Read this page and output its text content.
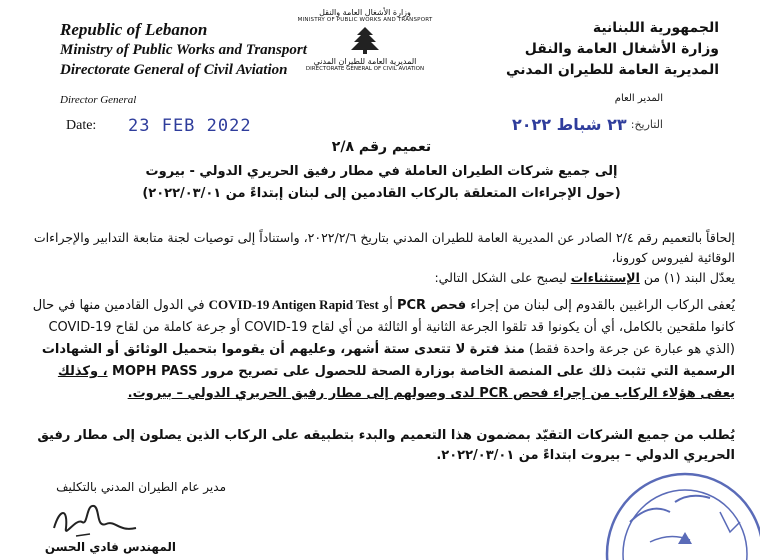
Republic of Lebanon
Ministry of Public Works and Transport
Directorate General of Civil Aviation
الجمهورية اللبنانية
وزارة الأشغال العامة والنقل
المديرية العامة للطيران المدني
وزارة الأشغال العامة والنقل
MINISTRY OF PUBLIC WORKS AND TRANSPORT
المديرية العامة للطيران المدني
DIRECTORATE GENERAL OF CIVIL AVIATION
Director General	المدير العام
Date: 23 FEB 2022	التاريخ:
٢٣ شباط ٢٠٢٢
تعميم رقم ٢/٨
إلى جميع شركات الطيران العاملة في مطار رفيق الحريري الدولي - بيروت
(حول الإجراءات المتعلقة بالركاب القادمين إلى لبنان إبتداءً من ٢٠٢٢/٠٣/٠١)
إلحاقاً بالتعميم رقم ٢/٤ الصادر عن المديرية العامة للطيران المدني بتاريخ ٢٠٢٢/٢/٦، واستناداً إلى توصيات لجنة متابعة التدابير والإجراءات الوقائية لفيروس كورونا،
يعدّل البند (١) من الإستثناءات ليصبح على الشكل التالي:
يُعفى الركاب الراغبين بالقدوم إلى لبنان من إجراء فحص PCR أو COVID-19 Antigen Rapid Test في الدول القادمين منها في حال كانوا ملقحين بالكامل، أي أن يكونوا قد تلقوا الجرعة الثانية أو الثالثة من أي لقاح COVID-19 أو جرعة كاملة من لقاح COVID-19 (الذي هو عبارة عن جرعة واحدة فقط) منذ فترة لا تتعدى ستة أشهر، وعليهم أن يقوموا بتحميل الوثائق أو الشهادات الرسمية التي تثبت ذلك على المنصة الخاصة بوزارة الصحة للحصول على تصريح مرور MOPH PASS ، وكذلك يعفى هؤلاء الركاب من إجراء فحص PCR لدى وصولهم إلى مطار رفيق الحريري الدولي – بيروت.
يُطلب من جميع الشركات التقيّد بمضمون هذا التعميم والبدء بتطبيقه على الركاب الذين يصلون إلى مطار رفيق الحريري الدولي – بيروت ابتداءً من ٢٠٢٢/٠٣/٠١.
مدير عام الطيران المدني بالتكليف
المهندس فادي الحسن
